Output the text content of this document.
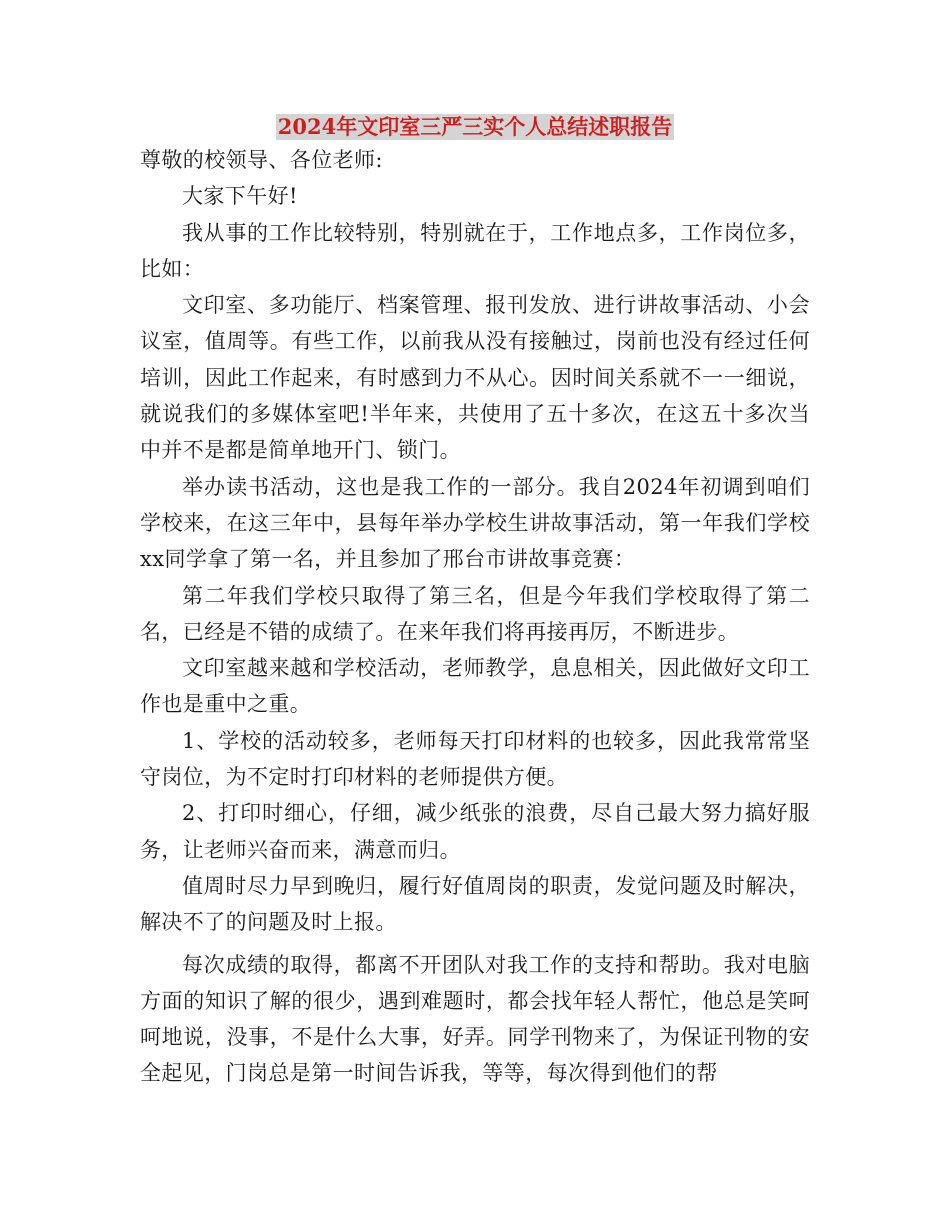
2024年文印室三严三实个人总结述职报告

尊敬的校领导、各位老师:

大家下午好!

我从事的工作比较特别，特别就在于，工作地点多，工作岗位多，比如：

文印室、多功能厅、档案管理、报刊发放、进行讲故事活动、小会议室，值周等。有些工作，以前我从没有接触过，岗前也没有经过任何培训，因此工作起来，有时感到力不从心。因时间关系就不一一细说，就说我们的多媒体室吧!半年来，共使用了五十多次，在这五十多次当中并不是都是简单地开门、锁门。

举办读书活动，这也是我工作的一部分。我自2024年初调到咱们学校来，在这三年中，县每年举办学校生讲故事活动，第一年我们学校xx同学拿了第一名，并且参加了邢台市讲故事竞赛：

第二年我们学校只取得了第三名，但是今年我们学校取得了第二名，已经是不错的成绩了。在来年我们将再接再厉，不断进步。

文印室越来越和学校活动，老师教学，息息相关，因此做好文印工作也是重中之重。

1、学校的活动较多，老师每天打印材料的也较多，因此我常常坚守岗位，为不定时打印材料的老师提供方便。

2、打印时细心，仔细，减少纸张的浪费，尽自己最大努力搞好服务，让老师兴奋而来，满意而归。

值周时尽力早到晚归，履行好值周岗的职责，发觉问题及时解决，解决不了的问题及时上报。

每次成绩的取得，都离不开团队对我工作的支持和帮助。我对电脑方面的知识了解的很少，遇到难题时，都会找年轻人帮忙，他总是笑呵呵地说，没事，不是什么大事，好弄。同学刊物来了，为保证刊物的安全起见，门岗总是第一时间告诉我，等等，每次得到他们的帮
